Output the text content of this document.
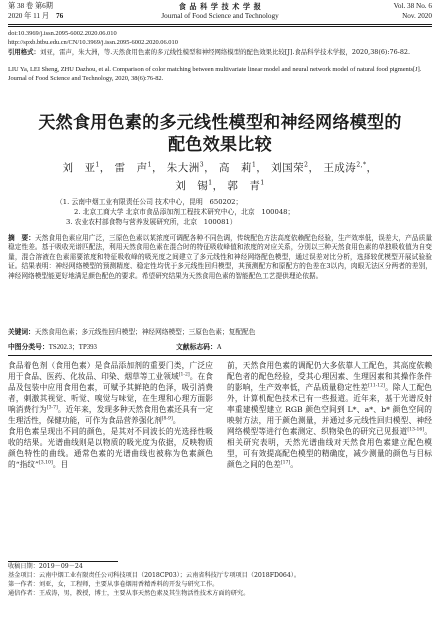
第 38 卷 第6期
2020 年 11 月
食 品 科 学 技 术 学 报
Journal of Food Science and Technology
Vol. 38 No. 6
Nov. 2020
76
doi:10.3969/j.issn.2095-6002.2020.06.010
http://spxb.btbu.edu.cn/CN/10.3969/j.issn.2095-6002.2020.06.010
引用格式：刘亚，雷声，朱大洲，等.天然食用色素的多元线性模型和神经网络模型的配色效果比较[J].食品科学技术学报，2020,38(6):76-82.
LIU Ya, LEI Sheng, ZHU Dazhou, et al. Comparison of color matching between multivariate linear model and neural network model of natural food pigments[J]. Journal of Food Science and Technology, 2020, 38(6):76-82.
天然食用色素的多元线性模型和神经网络模型的
配色效果比较
刘　亚$^1$， 雷　声$^1$， 朱大洲$^3$， 高　莉$^1$， 刘国荣$^2$， 王成涛$^{2,*}$，
刘　锡$^1$， 郭　青$^1$
（1. 云南中烟工业有限责任公司 技术中心，昆明　650202；
2. 北京工商大学 北京市食品添加剂工程技术研究中心，北京　100048；
3. 农业农村部食物与营养发展研究所，北京　100081）
摘　要：天然食用色素应用广泛，三原色色素以某浓度可调配各种不同色调，传统配色方法高度依赖配色经验，生产效率低，误差大，产品质量稳定性差。基于吸收光谱匹配法，利用天然食用色素在混合时的特征吸收峰值和浓度的对应关系，分别以三种天然食用色素的单独吸收值为自变量，混合溶液在色素需要浓度和特征吸收峰的吸光度之间建立了多元线性和神经网络配色模型，通过误差对比分析，选择较优模型开展试验验证。结果表明：神经网络模型的预测精度、稳定性均优于多元线性回归模型，其预测配方和原配方的色差在3以内，肉眼无法区分两者的差别，神经网络模型能更好地满足颜色配色的要求。希望研究结果为天然食用色素的智能配色工艺提供理论依据。
关键词：天然食用色素；多元线性回归模型；神经网络模型；三原色色素；复配配色
中图分类号：TS202.3；TP393	文献标志码：A
食品着色剂（食用色素）是食品添加剂的重要门类，广泛应用于食品、医药、化妆品、印染、烟草等工业领域[1-2]。在食品及包装中应用食用色素，可赋予其鲜艳的色泽，吸引消费者，刺激其视觉、听觉、嗅觉与味觉，在生理和心理方面影响消费行为[3-7]。近年来，发现多种天然食用色素还具有一定生理活性，保健功能，可作为食品营养强化剂[8-9]。
食用色素呈现出不同的颜色，是其对不同波长的光选择性吸收的结果。光谱曲线则是以物质的吸光度为依据，反映物质颜色特性的曲线。通常色素的光谱曲线也被称为色素颜色的“指纹”[3,10]。目
前，天然食用色素的调配仍大多依靠人工配色，其高度依赖配色者的配色经验，受其心理因素、生理因素和其操作条件的影响，生产效率低，产品质量稳定性差[11-12]。除人工配色外，计算机配色技术已有一些报道。近年来，基于光谱反射率重建模型建立 RGB 颜色空间到 L*、a*、b* 颜色空间的映射方法，用于颜色测量，并通过多元线性回归模型、神经网络模型等进行色素测定、织物染色的研究已见报道[13-16]。相关研究表明，天然光谱曲线对天然食用色素建立配色模型，可有效提高配色模型的精确度，减少测量的颜色与目标颜色之间的色差[17]。
收稿日期：2019－09－24
基金项目：云南中烟工业有限责任公司科技项目（2018CP03）；云南省科技厅专项项目（2018FD064）。
第一作者：刘亚，女，工程师，主要从事卷烟用香精香料的开发与研究工作。
通信作者：王成涛，男，教授，博士，主要从事天然色素及其生物活性技术方面的研究。
